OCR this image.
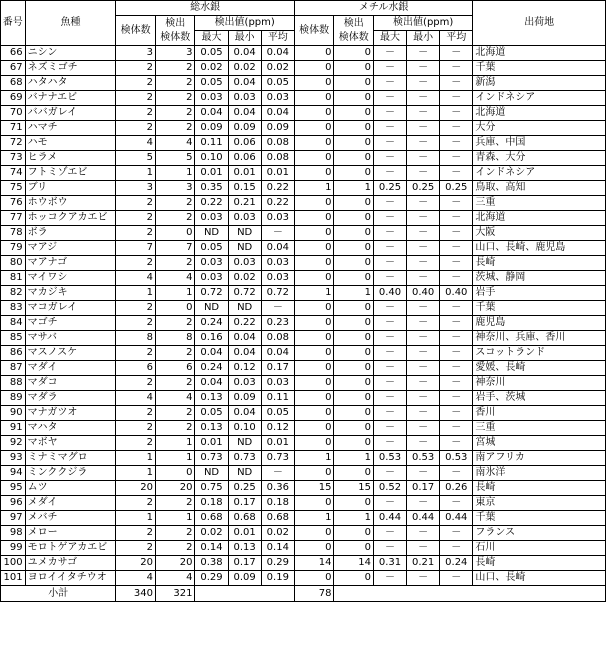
番号	魚種	総水銀					メチル水銀					出荷地
		検体数	検出
検体数	検出値(ppm)			検体数	検出
検体数	検出値(ppm)			
				最大	最小	平均			最大	最小	平均	
66	ニシン	3	3	0.05	0.04	0.04	0	0	－	－	－	北海道
67	ネズミゴチ	2	2	0.02	0.02	0.02	0	0	－	－	－	千葉
68	ハタハタ	2	2	0.05	0.04	0.05	0	0	－	－	－	新潟
69	バナナエビ	2	2	0.03	0.03	0.03	0	0	－	－	－	インドネシア
70	ババガレイ	2	2	0.04	0.04	0.04	0	0	－	－	－	北海道
71	ハマチ	2	2	0.09	0.09	0.09	0	0	－	－	－	大分
72	ハモ	4	4	0.11	0.06	0.08	0	0	－	－	－	兵庫、中国
73	ヒラメ	5	5	0.10	0.06	0.08	0	0	－	－	－	青森、大分
74	フトミゾエビ	1	1	0.01	0.01	0.01	0	0	－	－	－	インドネシア
75	ブリ	3	3	0.35	0.15	0.22	1	1	0.25	0.25	0.25	鳥取、高知
76	ホウボウ	2	2	0.22	0.21	0.22	0	0	－	－	－	三重
77	ホッコクアカエビ	2	2	0.03	0.03	0.03	0	0	－	－	－	北海道
78	ボラ	2	0	ND	ND	－	0	0	－	－	－	大阪
79	マアジ	7	7	0.05	ND	0.04	0	0	－	－	－	山口、長崎、鹿児島
80	マアナゴ	2	2	0.03	0.03	0.03	0	0	－	－	－	長崎
81	マイワシ	4	4	0.03	0.02	0.03	0	0	－	－	－	茨城、静岡
82	マカジキ	1	1	0.72	0.72	0.72	1	1	0.40	0.40	0.40	岩手
83	マコガレイ	2	0	ND	ND	－	0	0	－	－	－	千葉
84	マゴチ	2	2	0.24	0.22	0.23	0	0	－	－	－	鹿児島
85	マサバ	8	8	0.16	0.04	0.08	0	0	－	－	－	神奈川、兵庫、香川
86	マスノスケ	2	2	0.04	0.04	0.04	0	0	－	－	－	スコットランド
87	マダイ	6	6	0.24	0.12	0.17	0	0	－	－	－	愛媛、長崎
88	マダコ	2	2	0.04	0.03	0.03	0	0	－	－	－	神奈川
89	マダラ	4	4	0.13	0.09	0.11	0	0	－	－	－	岩手、茨城
90	マナガツオ	2	2	0.05	0.04	0.05	0	0	－	－	－	香川
91	マハタ	2	2	0.13	0.10	0.12	0	0	－	－	－	三重
92	マボヤ	2	1	0.01	ND	0.01	0	0	－	－	－	宮城
93	ミナミマグロ	1	1	0.73	0.73	0.73	1	1	0.53	0.53	0.53	南アフリカ
94	ミンククジラ	1	0	ND	ND	－	0	0	－	－	－	南氷洋
95	ムツ	20	20	0.75	0.25	0.36	15	15	0.52	0.17	0.26	長崎
96	メダイ	2	2	0.18	0.17	0.18	0	0	－	－	－	東京
97	メバチ	1	1	0.68	0.68	0.68	1	1	0.44	0.44	0.44	千葉
98	メロー	2	2	0.02	0.01	0.02	0	0	－	－	－	フランス
99	モロトゲアカエビ	2	2	0.14	0.13	0.14	0	0	－	－	－	石川
100	ユメカサゴ	20	20	0.38	0.17	0.29	14	14	0.31	0.21	0.24	長崎
101	ヨロイイタチウオ	4	4	0.29	0.09	0.19	0	0	－	－	－	山口、長崎
小計		340	321				78					
